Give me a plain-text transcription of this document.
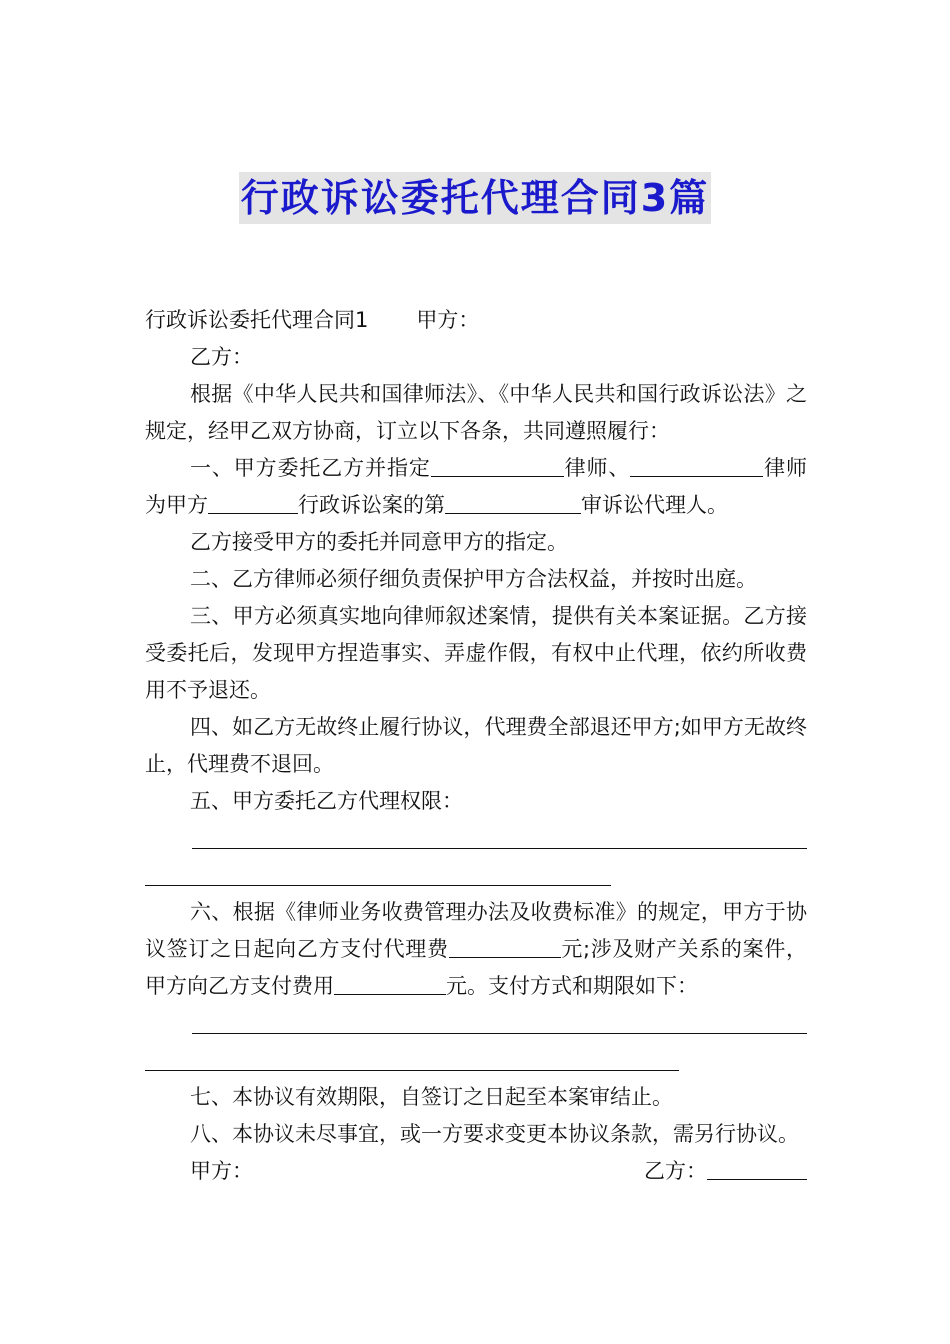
行政诉讼委托代理合同3篇

行政诉讼委托代理合同1 甲方：

乙方：

根据《中华人民共和国律师法》、《中华人民共和国行政诉讼法》之规定，经甲乙双方协商，订立以下各条，共同遵照履行：

一、甲方委托乙方并指定	律师、	律师为甲方	行政诉讼案的第	审诉讼代理人。

乙方接受甲方的委托并同意甲方的指定。

二、乙方律师必须仔细负责保护甲方合法权益，并按时出庭。

三、甲方必须真实地向律师叙述案情，提供有关本案证据。乙方接受委托后，发现甲方捏造事实、弄虚作假，有权中止代理，依约所收费用不予退还。

四、如乙方无故终止履行协议，代理费全部退还甲方;如甲方无故终止，代理费不退回。

五、甲方委托乙方代理权限：

六、根据《律师业务收费管理办法及收费标准》的规定，甲方于协议签订之日起向乙方支付代理费	元;涉及财产关系的案件，甲方向乙方支付费用	元。支付方式和期限如下：

七、本协议有效期限，自签订之日起至本案审结止。

八、本协议未尽事宜，或一方要求变更本协议条款，需另行协议。

甲方：	乙方：
